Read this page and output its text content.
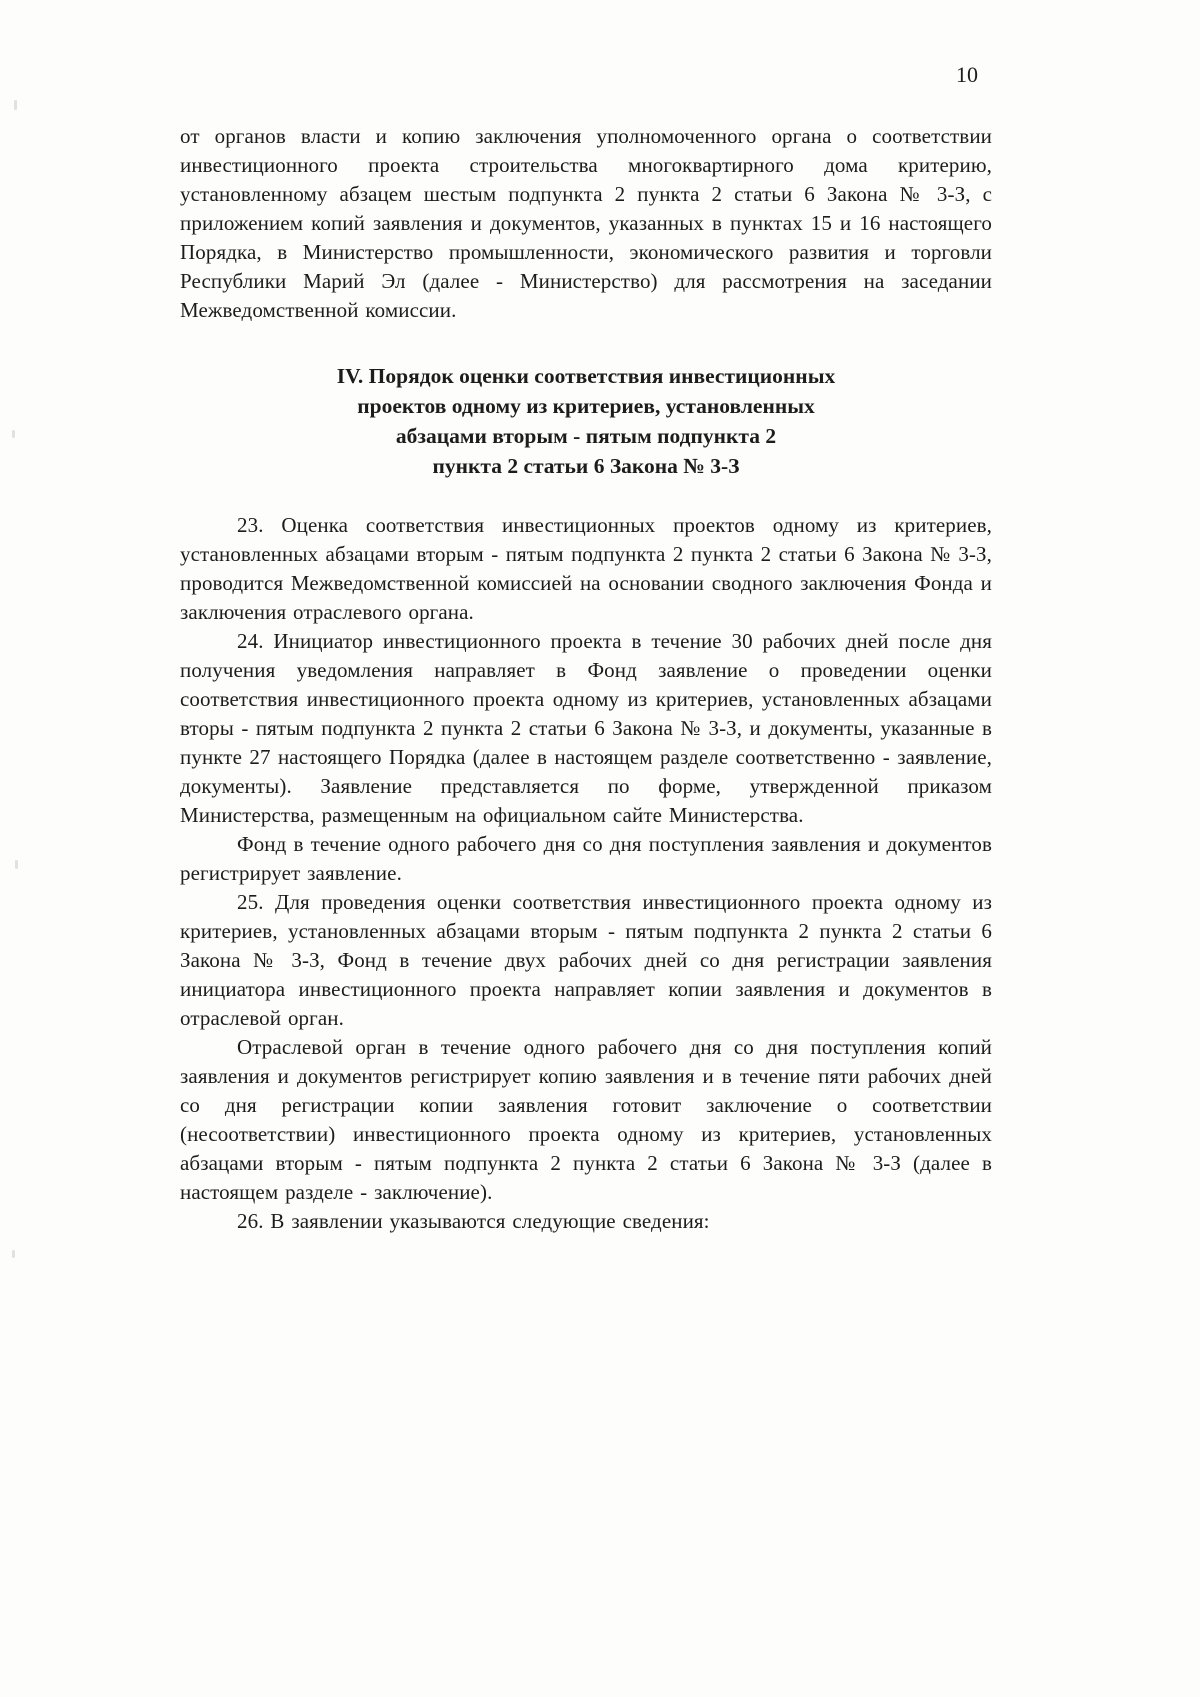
10

от органов власти и копию заключения уполномоченного органа о соответствии инвестиционного проекта строительства многоквартирного дома критерию, установленному абзацем шестым подпункта 2 пункта 2 статьи 6 Закона № 3-З, с приложением копий заявления и документов, указанных в пунктах 15 и 16 настоящего Порядка, в Министерство промышленности, экономического развития и торговли Республики Марий Эл (далее - Министерство) для рассмотрения на заседании Межведомственной комиссии.

IV. Порядок оценки соответствия инвестиционных
проектов одному из критериев, установленных
абзацами вторым - пятым подпункта 2
пункта 2 статьи 6 Закона № 3-З

23. Оценка соответствия инвестиционных проектов одному из критериев, установленных абзацами вторым - пятым подпункта 2 пункта 2 статьи 6 Закона № 3-З, проводится Межведомственной комиссией на основании сводного заключения Фонда и заключения отраслевого органа.

24. Инициатор инвестиционного проекта в течение 30 рабочих дней после дня получения уведомления направляет в Фонд заявление о проведении оценки соответствия инвестиционного проекта одному из критериев, установленных абзацами вторы - пятым подпункта 2 пункта 2 статьи 6 Закона № 3-З, и документы, указанные в пункте 27 настоящего Порядка (далее в настоящем разделе соответственно - заявление, документы). Заявление представляется по форме, утвержденной приказом Министерства, размещенным на официальном сайте Министерства.

Фонд в течение одного рабочего дня со дня поступления заявления и документов регистрирует заявление.

25. Для проведения оценки соответствия инвестиционного проекта одному из критериев, установленных абзацами вторым - пятым подпункта 2 пункта 2 статьи 6 Закона № 3-З, Фонд в течение двух рабочих дней со дня регистрации заявления инициатора инвестиционного проекта направляет копии заявления и документов в отраслевой орган.

Отраслевой орган в течение одного рабочего дня со дня поступления копий заявления и документов регистрирует копию заявления и в течение пяти рабочих дней со дня регистрации копии заявления готовит заключение о соответствии (несоответствии) инвестиционного проекта одному из критериев, установленных абзацами вторым - пятым подпункта 2 пункта 2 статьи 6 Закона № 3-З (далее в настоящем разделе - заключение).

26. В заявлении указываются следующие сведения:
